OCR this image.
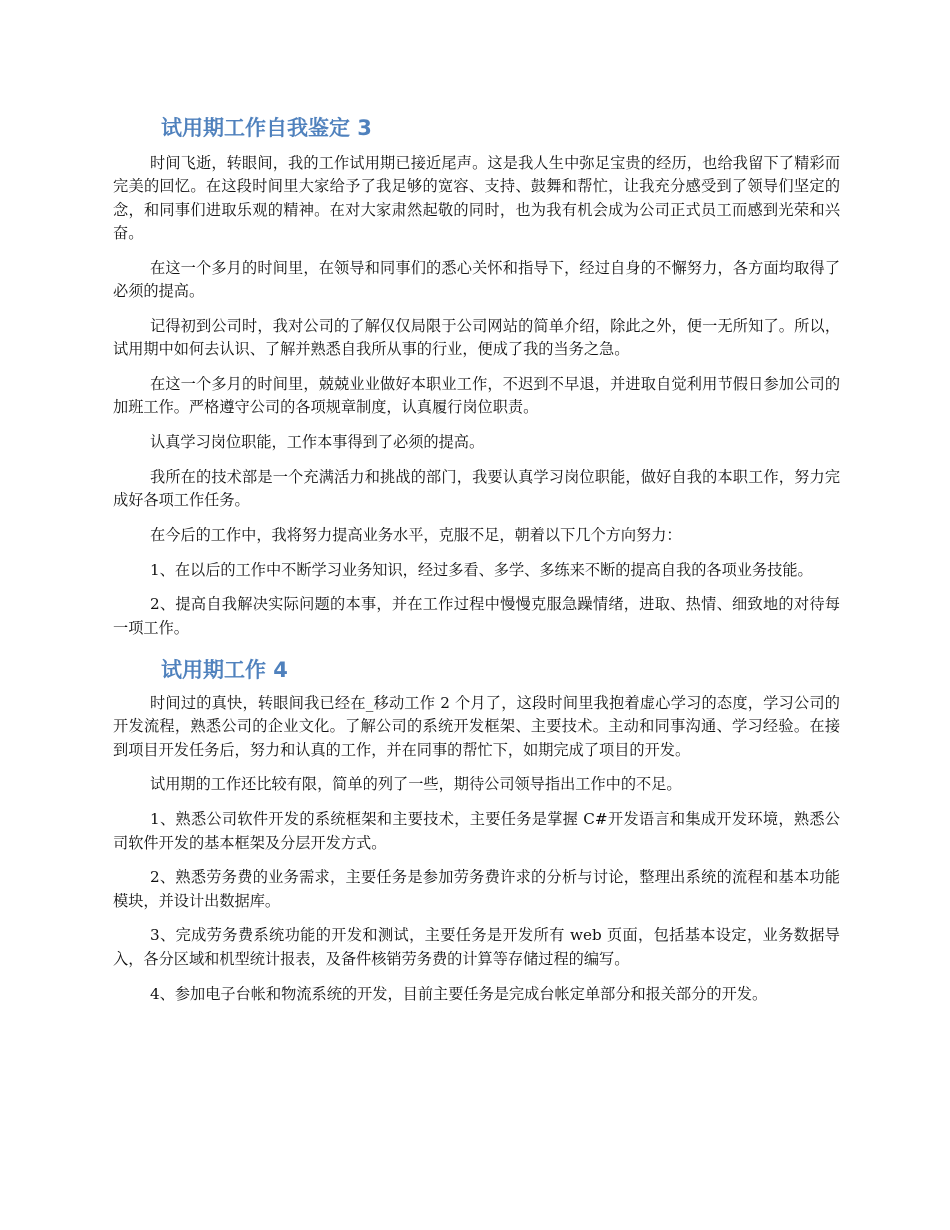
试用期工作自我鉴定 3

时间飞逝，转眼间，我的工作试用期已接近尾声。这是我人生中弥足宝贵的经历，也给我留下了精彩而完美的回忆。在这段时间里大家给予了我足够的宽容、支持、鼓舞和帮忙，让我充分感受到了领导们坚定的念，和同事们进取乐观的精神。在对大家肃然起敬的同时，也为我有机会成为公司正式员工而感到光荣和兴奋。

在这一个多月的时间里，在领导和同事们的悉心关怀和指导下，经过自身的不懈努力，各方面均取得了必须的提高。

记得初到公司时，我对公司的了解仅仅局限于公司网站的简单介绍，除此之外，便一无所知了。所以，试用期中如何去认识、了解并熟悉自我所从事的行业，便成了我的当务之急。

在这一个多月的时间里，兢兢业业做好本职业工作，不迟到不早退，并进取自觉利用节假日参加公司的加班工作。严格遵守公司的各项规章制度，认真履行岗位职责。

认真学习岗位职能，工作本事得到了必须的提高。

我所在的技术部是一个充满活力和挑战的部门，我要认真学习岗位职能，做好自我的本职工作，努力完成好各项工作任务。

在今后的工作中，我将努力提高业务水平，克服不足，朝着以下几个方向努力：

1、在以后的工作中不断学习业务知识，经过多看、多学、多练来不断的提高自我的各项业务技能。

2、提高自我解决实际问题的本事，并在工作过程中慢慢克服急躁情绪，进取、热情、细致地的对待每一项工作。

试用期工作 4

时间过的真快，转眼间我已经在_移动工作 2 个月了，这段时间里我抱着虚心学习的态度，学习公司的开发流程，熟悉公司的企业文化。了解公司的系统开发框架、主要技术。主动和同事沟通、学习经验。在接到项目开发任务后，努力和认真的工作，并在同事的帮忙下，如期完成了项目的开发。

试用期的工作还比较有限，简单的列了一些，期待公司领导指出工作中的不足。

1、熟悉公司软件开发的系统框架和主要技术，主要任务是掌握 C#开发语言和集成开发环境，熟悉公司软件开发的基本框架及分层开发方式。

2、熟悉劳务费的业务需求，主要任务是参加劳务费许求的分析与讨论，整理出系统的流程和基本功能模块，并设计出数据库。

3、完成劳务费系统功能的开发和测试，主要任务是开发所有 web 页面，包括基本设定，业务数据导入，各分区域和机型统计报表，及备件核销劳务费的计算等存储过程的编写。

4、参加电子台帐和物流系统的开发，目前主要任务是完成台帐定单部分和报关部分的开发。
